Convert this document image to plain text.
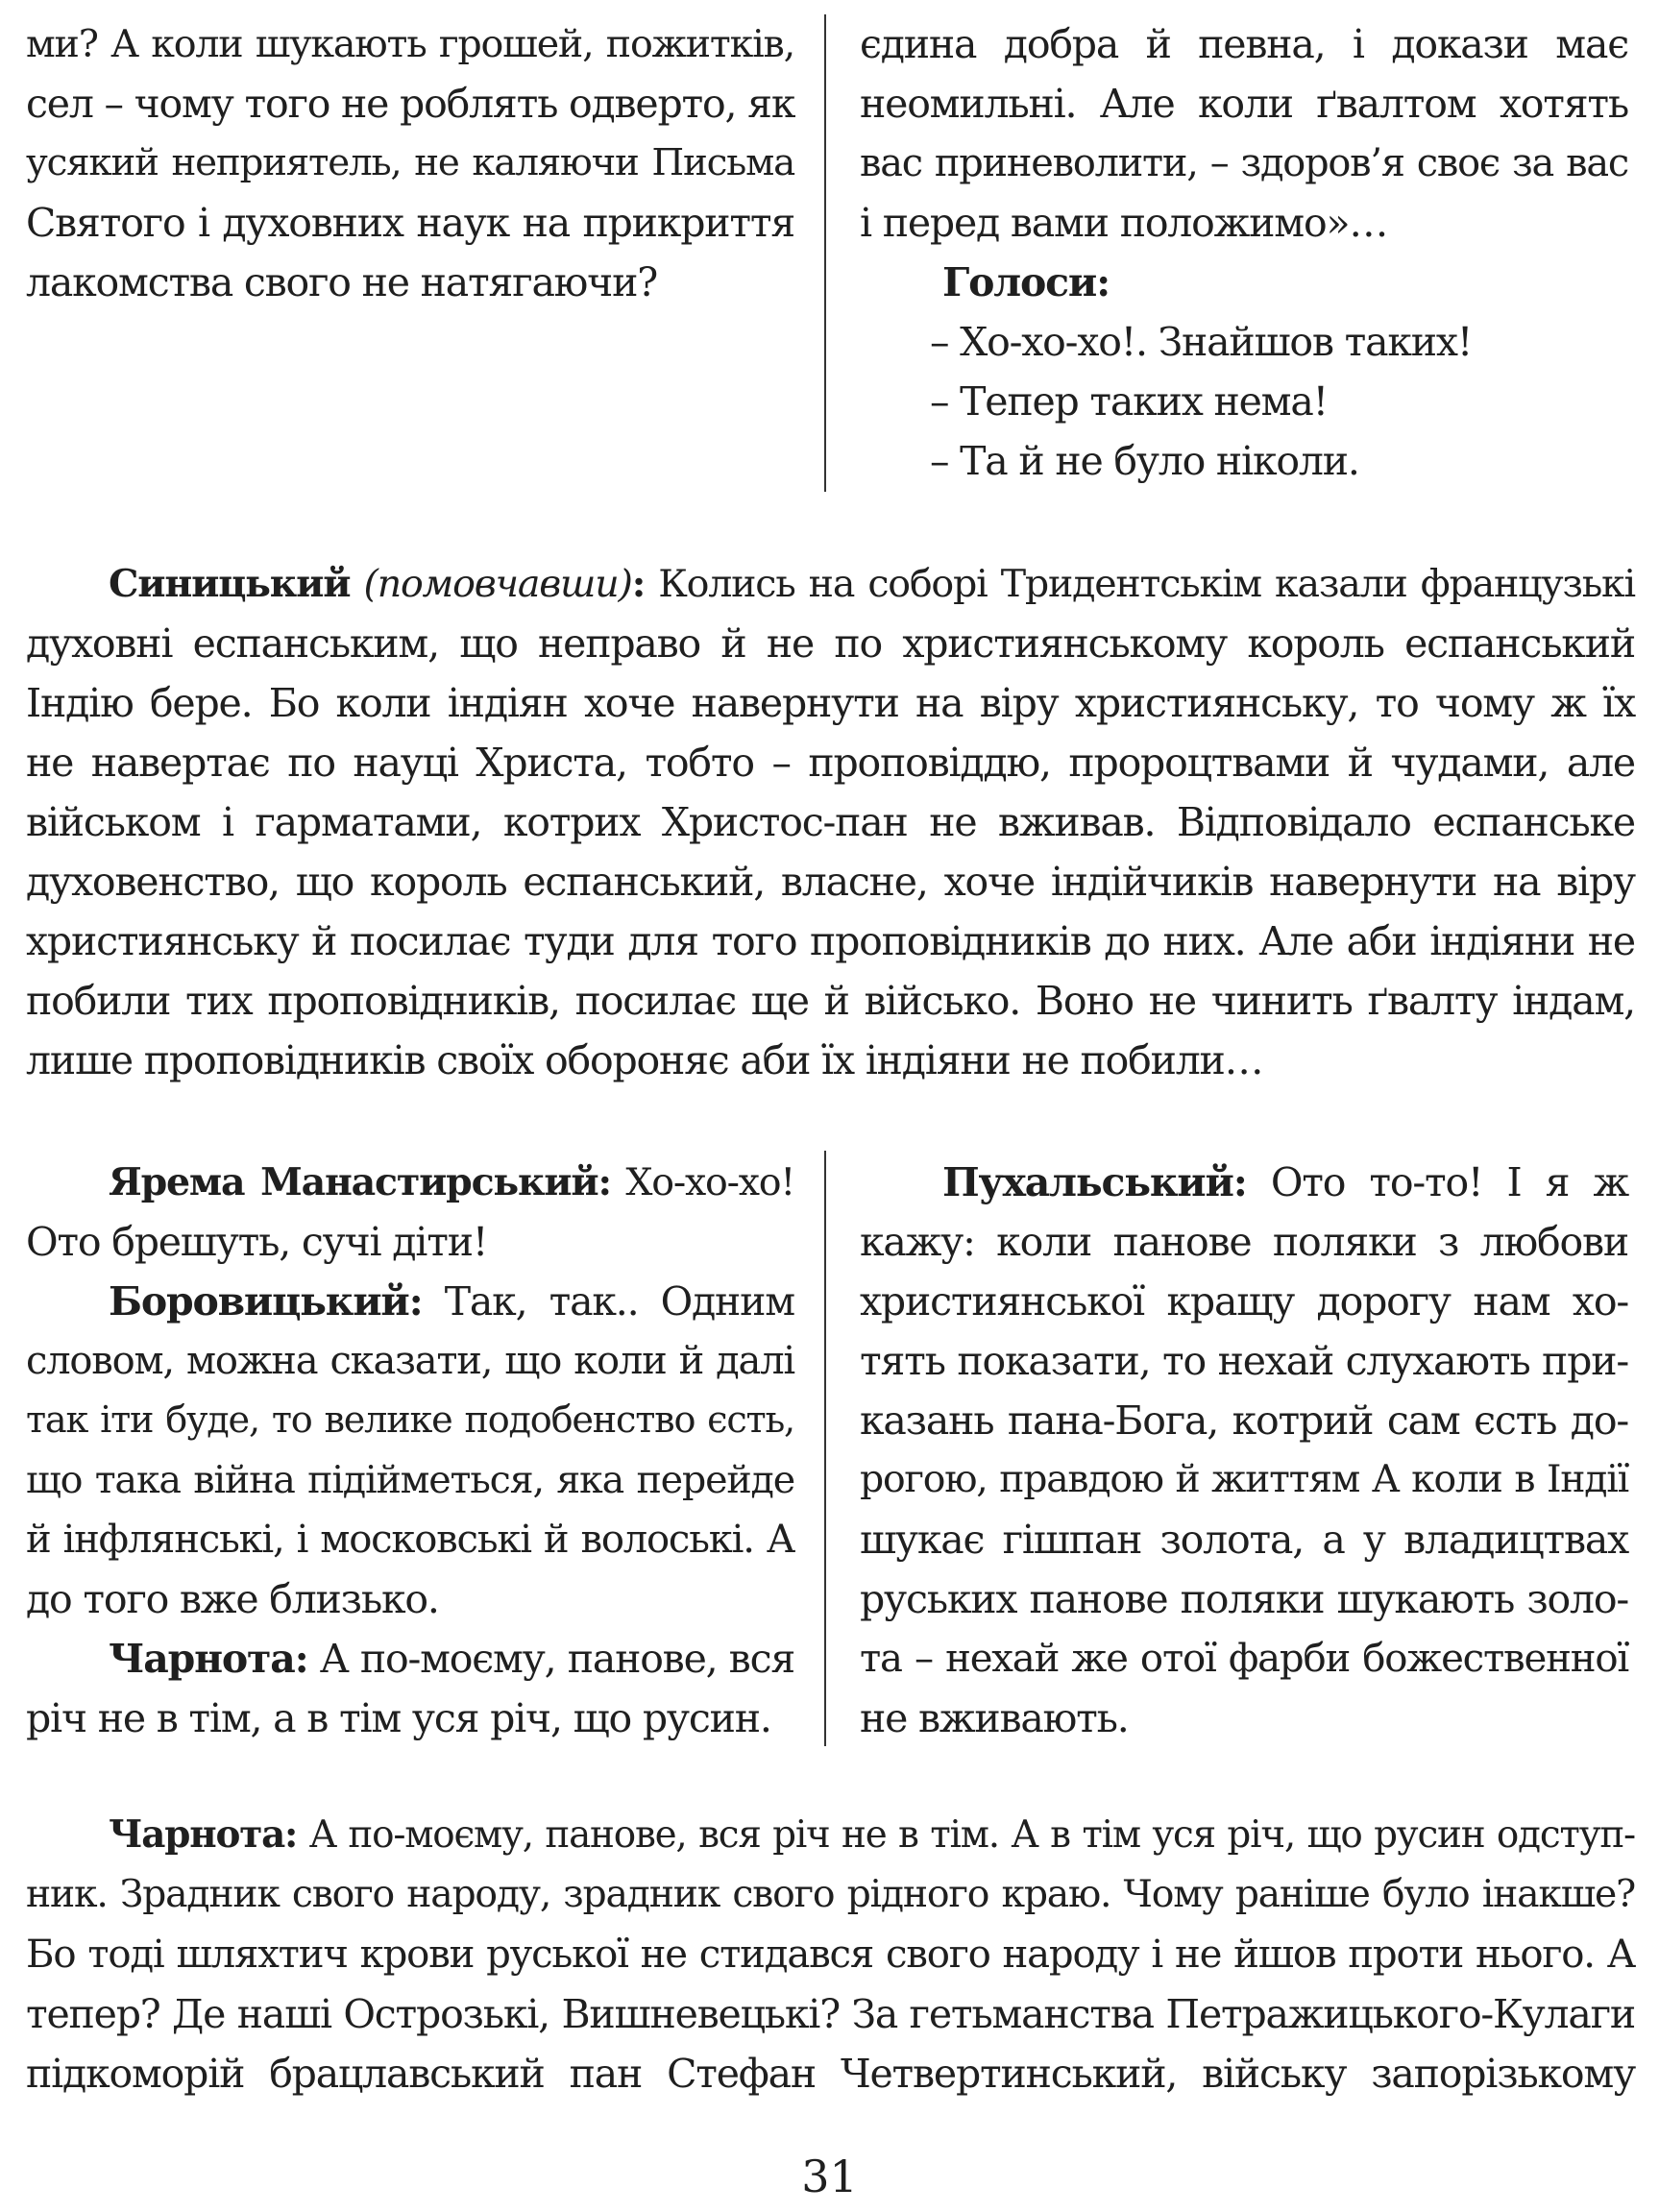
ми? А коли шукають грошей, пожитків,
сел – чому того не роблять одверто, як
усякий неприятель, не каляючи Письма
Святого і духовних наук на прикриття
лакомства свого не натягаючи?
єдина добра й певна, і докази має
неомильні. Але коли ґвалтом хотять
вас приневолити, – здоров’я своє за вас
і перед вами положимо»…
Голоси:
– Хо-хо-хо!. Знайшов таких!
– Тепер таких нема!
– Та й не було ніколи.
Синицький (помовчавши): Колись на соборі Тридентськім казали французькі
духовні еспанським, що неправо й не по християнському король еспанський
Індію бере. Бо коли індіян хоче навернути на віру християнську, то чому ж їх
не навертає по науці Христа, тобто – проповіддю, пророцтвами й чудами, але
військом і гарматами, котрих Христос-пан не вживав. Відповідало еспанське
духовенство, що король еспанський, власне, хоче індійчиків навернути на віру
християнську й посилає туди для того проповідників до них. Але аби індіяни не
побили тих проповідників, посилає ще й військо. Воно не чинить ґвалту індам,
лише проповідників своїх обороняє аби їх індіяни не побили…
Ярема Манастирський: Хо-хо-хо!
Ото брешуть, сучі діти!
Боровицький: Так, так.. Одним
словом, можна сказати, що коли й далі
так іти буде, то велике подобенство єсть,
що така війна підійметься, яка перейде
й інфлянські, і московські й волоські. А
до того вже близько.
Чарнота: А по-моєму, панове, вся
річ не в тім, а в тім уся річ, що русин.
Пухальський: Ото то-то! І я ж
кажу: коли панове поляки з любови
християнської кращу дорогу нам хо-
тять показати, то нехай слухають при-
казань пана-Бога, котрий сам єсть до-
рогою, правдою й життям А коли в Індії
шукає гішпан золота, а у владицтвах
руських панове поляки шукають золо-
та – нехай же отої фарби божественної
не вживають.
Чарнота: А по-моєму, панове, вся річ не в тім. А в тім уся річ, що русин одступ-
ник. Зрадник свого народу, зрадник свого рідного краю. Чому раніше було інакше?
Бо тоді шляхтич крови руської не стидався свого народу і не йшов проти нього. А
тепер? Де наші Острозькі, Вишневецькі? За гетьманства Петражицького-Кулаги
підкоморій брацлавський пан Стефан Четвертинський, війську запорізькому
31
